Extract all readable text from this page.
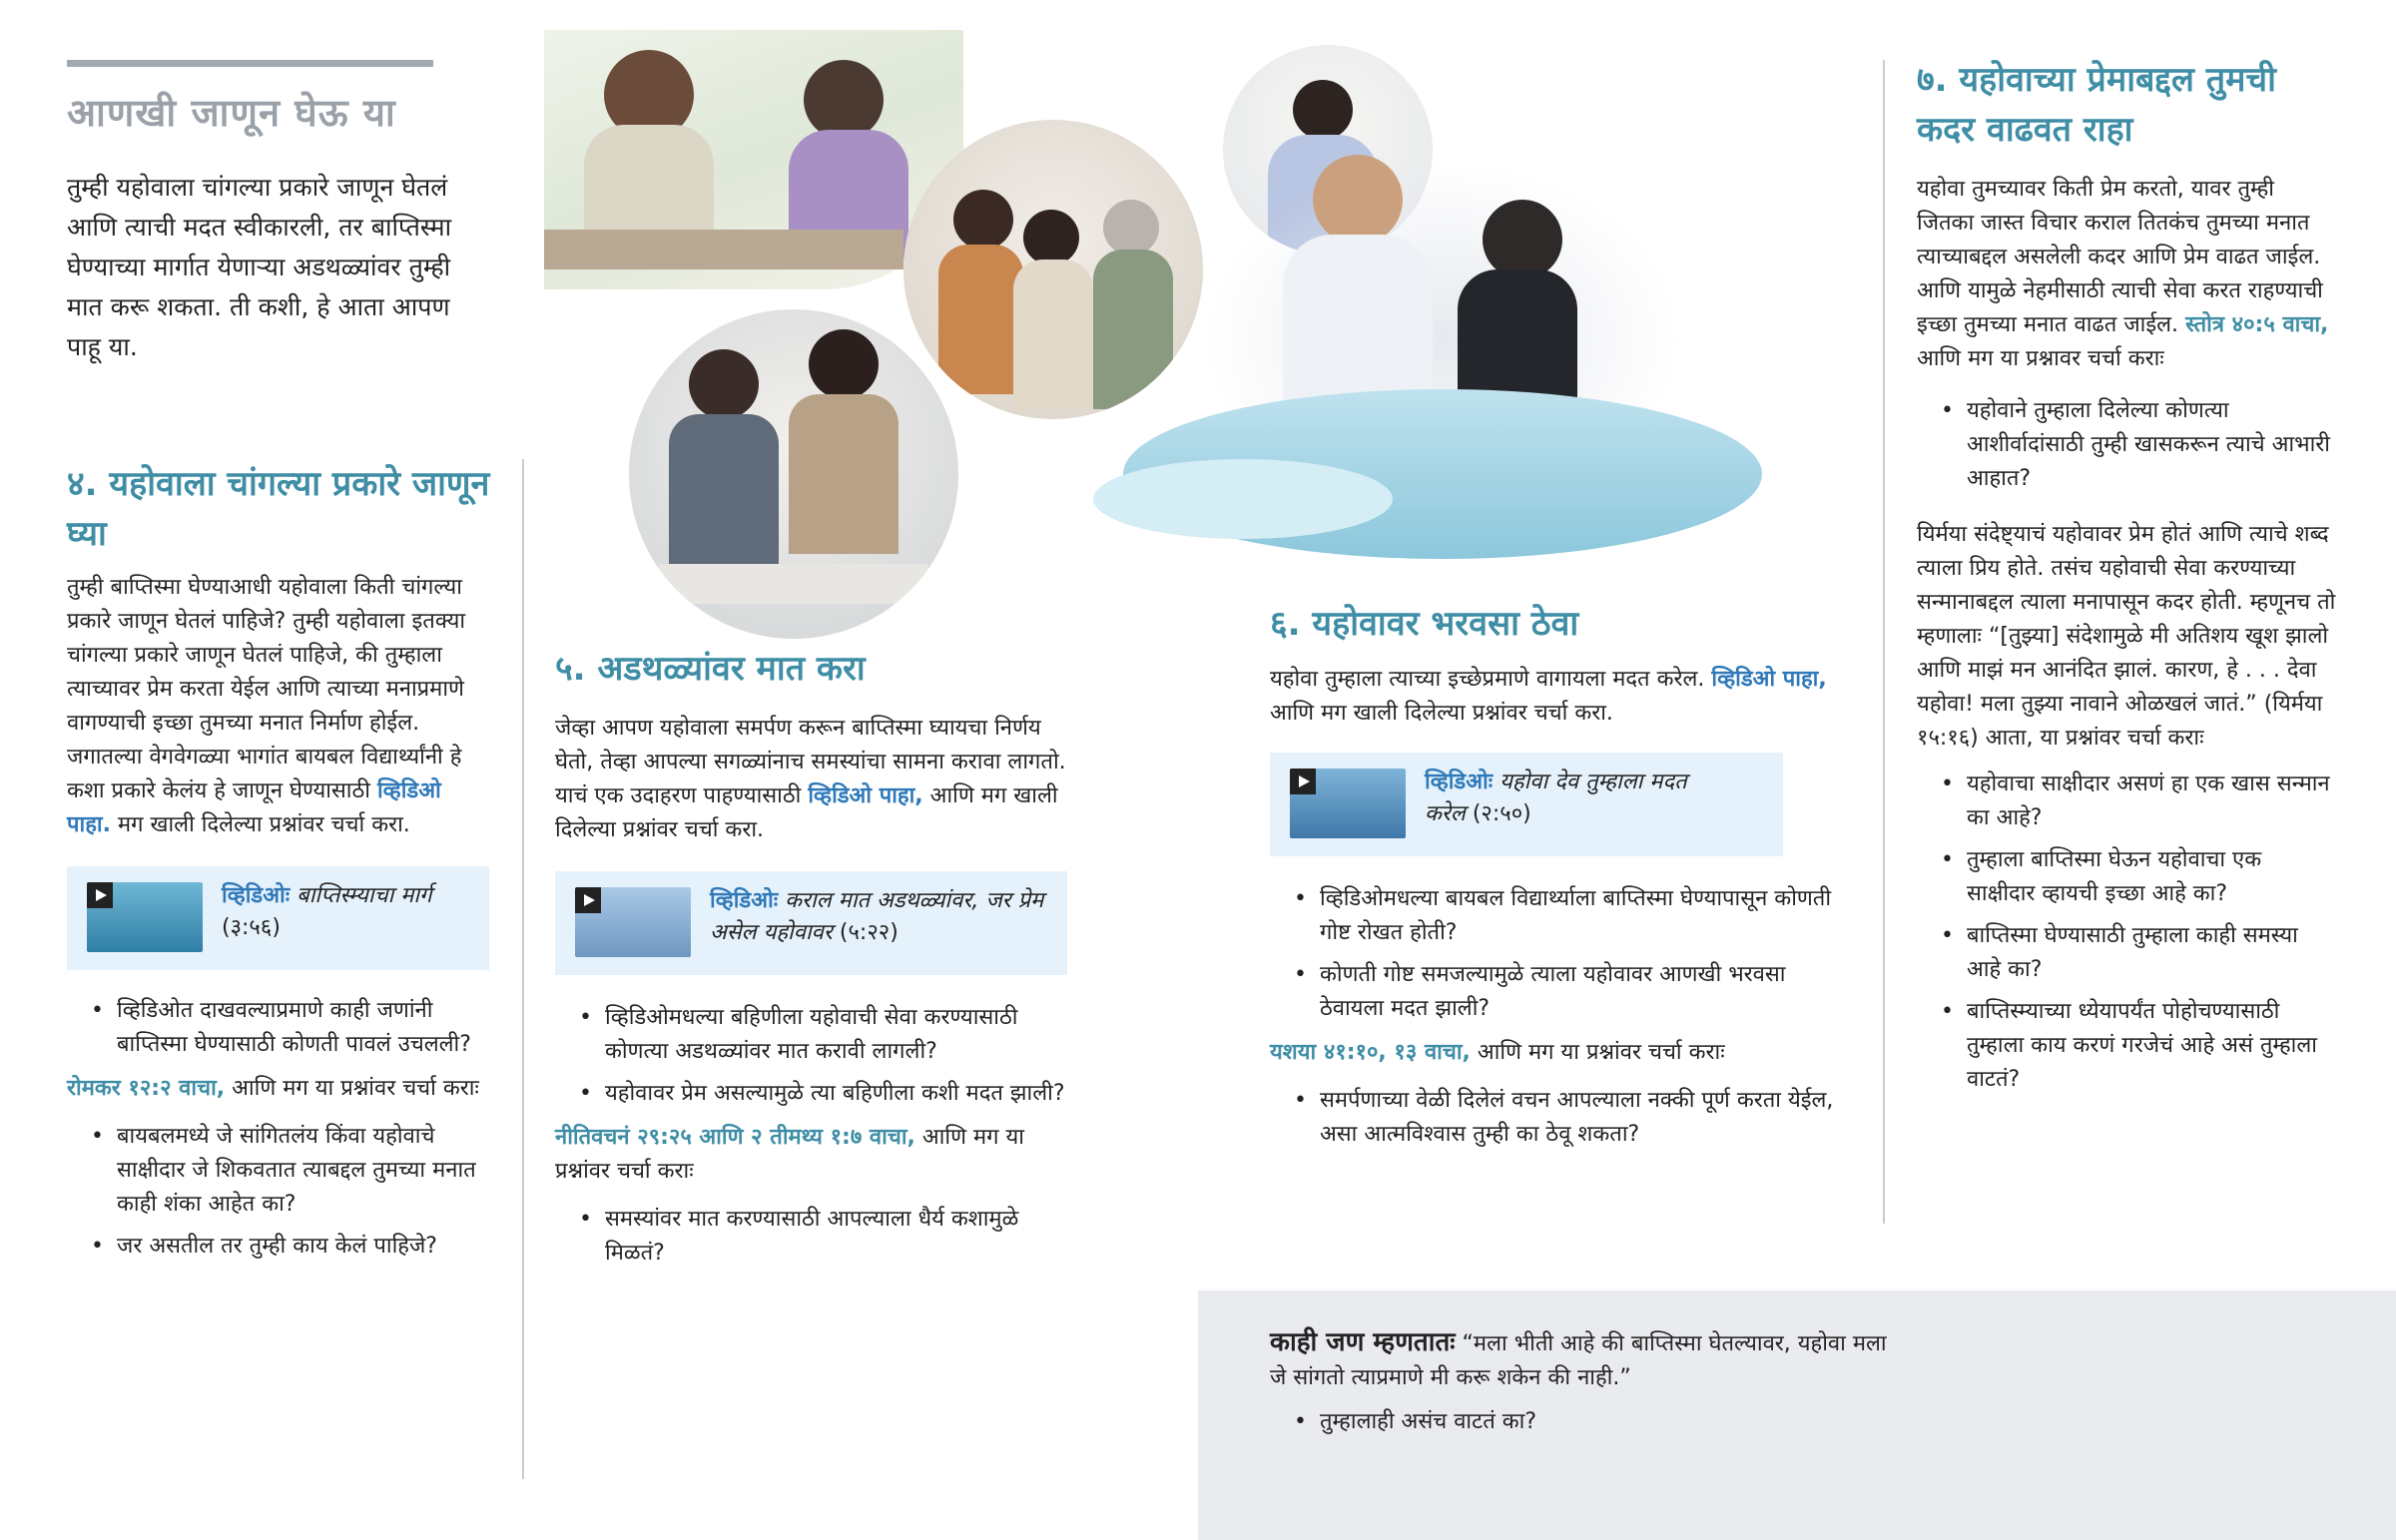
आणखी जाणून घेऊ या

तुम्ही यहोवाला चांगल्या प्रकारे जाणून घेतलं आणि त्याची मदत स्वीकारली, तर बाप्तिस्मा घेण्याच्या मार्गात येणाऱ्या अडथळ्यांवर तुम्ही मात करू शकता. ती कशी, हे आता आपण पाहू या.

४. यहोवाला चांगल्या प्रकारे जाणून घ्या

तुम्ही बाप्तिस्मा घेण्याआधी यहोवाला किती चांगल्या प्रकारे जाणून घेतलं पाहिजे? तुम्ही यहोवाला इतक्या चांगल्या प्रकारे जाणून घेतलं पाहिजे, की तुम्हाला त्याच्यावर प्रेम करता येईल आणि त्याच्या मनाप्रमाणे वागण्याची इच्छा तुमच्या मनात निर्माण होईल. जगातल्या वेगवेगळ्या भागांत बायबल विद्यार्थ्यांनी हे कशा प्रकारे केलंय हे जाणून घेण्यासाठी व्हिडिओ पाहा. मग खाली दिलेल्या प्रश्नांवर चर्चा करा.

व्हिडिओः बाप्तिस्म्याचा मार्ग (३:५६)
• व्हिडिओत दाखवल्याप्रमाणे काही जणांनी बाप्तिस्मा घेण्यासाठी कोणती पावलं उचलली?
रोमकर १२:२ वाचा, आणि मग या प्रश्नांवर चर्चा कराः
• बायबलमध्ये जे सांगितलंय किंवा यहोवाचे साक्षीदार जे शिकवतात त्याबद्दल तुमच्या मनात काही शंका आहेत का?
• जर असतील तर तुम्ही काय केलं पाहिजे?
५. अडथळ्यांवर मात करा

जेव्हा आपण यहोवाला समर्पण करून बाप्तिस्मा घ्यायचा निर्णय घेतो, तेव्हा आपल्या सगळ्यांनाच समस्यांचा सामना करावा लागतो. याचं एक उदाहरण पाहण्यासाठी व्हिडिओ पाहा, आणि मग खाली दिलेल्या प्रश्नांवर चर्चा करा.

व्हिडिओः कराल मात अडथळ्यांवर, जर प्रेम असेल यहोवावर (५:२२)
• व्हिडिओमधल्या बहिणीला यहोवाची सेवा करण्यासाठी कोणत्या अडथळ्यांवर मात करावी लागली?
• यहोवावर प्रेम असल्यामुळे त्या बहिणीला कशी मदत झाली?
नीतिवचनं २९:२५ आणि २ तीमथ्य १:७ वाचा, आणि मग या प्रश्नांवर चर्चा कराः
• समस्यांवर मात करण्यासाठी आपल्याला धैर्य कशामुळे मिळतं?
६. यहोवावर भरवसा ठेवा

यहोवा तुम्हाला त्याच्या इच्छेप्रमाणे वागायला मदत करेल. व्हिडिओ पाहा, आणि मग खाली दिलेल्या प्रश्नांवर चर्चा करा.

व्हिडिओः यहोवा देव तुम्हाला मदत करेल (२:५०)
• व्हिडिओमधल्या बायबल विद्यार्थ्याला बाप्तिस्मा घेण्यापासून कोणती गोष्ट रोखत होती?
• कोणती गोष्ट समजल्यामुळे त्याला यहोवावर आणखी भरवसा ठेवायला मदत झाली?
यशया ४१:१०, १३ वाचा, आणि मग या प्रश्नांवर चर्चा कराः
• समर्पणाच्या वेळी दिलेलं वचन आपल्याला नक्की पूर्ण करता येईल, असा आत्मविश्वास तुम्ही का ठेवू शकता?
७. यहोवाच्या प्रेमाबद्दल तुमची कदर वाढवत राहा

यहोवा तुमच्यावर किती प्रेम करतो, यावर तुम्ही जितका जास्त विचार कराल तितकंच तुमच्या मनात त्याच्याबद्दल असलेली कदर आणि प्रेम वाढत जाईल. आणि यामुळे नेहमीसाठी त्याची सेवा करत राहण्याची इच्छा तुमच्या मनात वाढत जाईल. स्तोत्र ४०:५ वाचा, आणि मग या प्रश्नावर चर्चा कराः

• यहोवाने तुम्हाला दिलेल्या कोणत्या आशीर्वादांसाठी तुम्ही खासकरून त्याचे आभारी आहात?

यिर्मया संदेष्ट्याचं यहोवावर प्रेम होतं आणि त्याचे शब्द त्याला प्रिय होते. तसंच यहोवाची सेवा करण्याच्या सन्मानाबद्दल त्याला मनापासून कदर होती. म्हणूनच तो म्हणालाः “[तुझ्या] संदेशामुळे मी अतिशय खूश झालो आणि माझं मन आनंदित झालं. कारण, हे . . . देवा यहोवा! मला तुझ्या नावाने ओळखलं जातं.” (यिर्मया १५:१६) आता, या प्रश्नांवर चर्चा कराः

• यहोवाचा साक्षीदार असणं हा एक खास सन्मान का आहे?
• तुम्हाला बाप्तिस्मा घेऊन यहोवाचा एक साक्षीदार व्हायची इच्छा आहे का?
• बाप्तिस्मा घेण्यासाठी तुम्हाला काही समस्या आहे का?
• बाप्तिस्म्याच्या ध्येयापर्यंत पोहोचण्यासाठी तुम्हाला काय करणं गरजेचं आहे असं तुम्हाला वाटतं?
काही जण म्हणतातः “मला भीती आहे की बाप्तिस्मा घेतल्यावर, यहोवा मला जे सांगतो त्याप्रमाणे मी करू शकेन की नाही.”
• तुम्हालाही असंच वाटतं का?
